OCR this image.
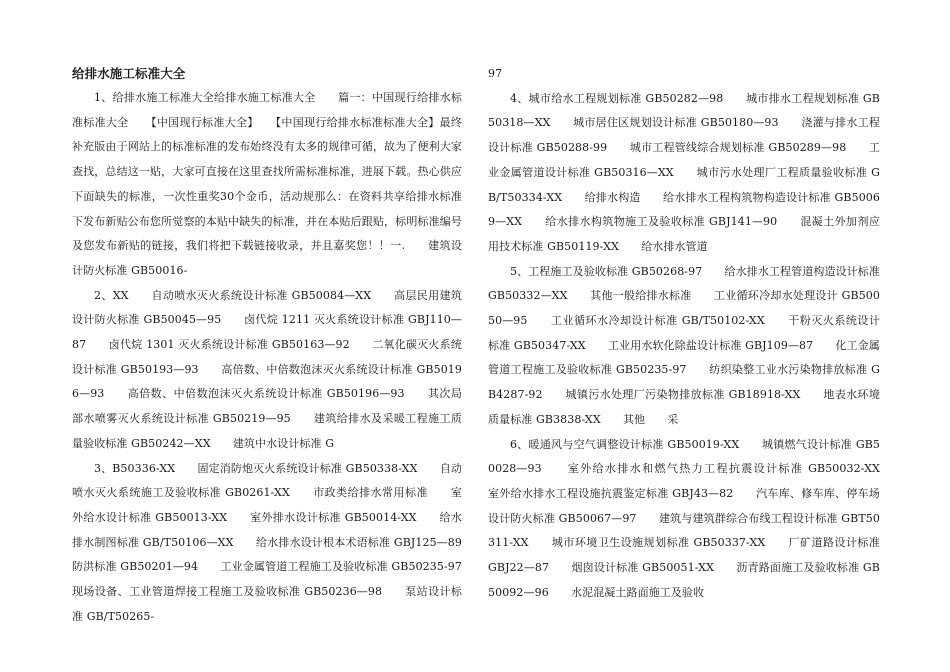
给排水施工标准大全

1、给排水施工标准大全给排水施工标准大全　　篇一：中国现行给排水标准标准大全　　【中国现行标准大全】　　【中国现行给排水标准标准大全】最终补充版由于网站上的标准标准的发布始终没有太多的规律可循，故为了便利大家查找，总结这一贴，大家可直接在这里查找所需标准标准，进展下载。热心供应下面缺失的标准，一次性重奖30个金币，活动规那么：在资料共享给排水标准下发布新贴公布您所觉察的本贴中缺失的标准，并在本贴后跟贴，标明标准编号及您发布新贴的链接，我们将把下载链接收录，并且嘉奖您！！一.　　建筑设计防火标准 GB50016-

2、XX　　自动喷水灭火系统设计标准 GB50084—XX　　高层民用建筑设计防火标准 GB50045—95　　卤代烷 1211 灭火系统设计标准 GBJ110—87　　卤代烷 1301 灭火系统设计标准 GB50163—92　　二氧化碳灭火系统设计标准 GB50193—93　　高倍数、中倍数泡沫灭火系统设计标准 GB50196—93　　高倍数、中倍数泡沫灭火系统设计标准 GB50196—93　　其次局部水喷雾灭火系统设计标准 GB50219—95　　建筑给排水及采暖工程施工质量验收标准 GB50242—XX　　建筑中水设计标准 G

3、B50336-XX　　固定消防炮灭火系统设计标准 GB50338-XX　　自动喷水灭火系统施工及验收标准 GB0261-XX　　市政类给排水常用标准　　室外给水设计标准 GB50013-XX　　室外排水设计标准 GB50014-XX　　给水排水制图标准 GB/T50106—XX　　给水排水设计根本术语标准 GBJ125—89　　防洪标准 GB50201—94　　工业金属管道工程施工及验收标准 GB50235-97　　现场设备、工业管道焊接工程施工及验收标准 GB50236—98　　泵站设计标准 GB/T50265-

97

4、城市给水工程规划标准 GB50282—98　　城市排水工程规划标准 GB50318—XX　　城市居住区规划设计标准 GB50180—93　　浇灌与排水工程设计标准 GB50288-99　　城市工程管线综合规划标准 GB50289—98　　工业金属管道设计标准 GB50316—XX　　城市污水处理厂工程质量验收标准 GB/T50334-XX　　给排水构造　　给水排水工程构筑物构造设计标准 GB50069—XX　　给水排水构筑物施工及验收标准 GBJ141—90　　混凝土外加剂应用技术标准 GB50119-XX　　给水排水管道

5、工程施工及验收标准 GB50268-97　　给水排水工程管道构造设计标准 GB50332—XX　　其他一般给排水标准　　工业循环冷却水处理设计 GB50050—95　　工业循环水冷却设计标准 GB/T50102-XX　　干粉灭火系统设计标准 GB50347-XX　　工业用水软化除盐设计标准 GBJ109—87　　化工金属管道工程施工及验收标准 GB50235-97　　纺织染整工业水污染物排放标准 GB4287-92　　城镇污水处理厂污染物排放标准 GB18918-XX　　地表水环境质量标准 GB3838-XX　　其他　　采

6、暖通风与空气调整设计标准 GB50019-XX　　城镇燃气设计标准 GB50028—93　　室外给水排水和燃气热力工程抗震设计标准 GB50032-XX　　室外给水排水工程设施抗震鉴定标准 GBJ43—82　　汽车库、修车库、停车场设计防火标准 GB50067—97　　建筑与建筑群综合布线工程设计标准 GBT50311-XX　　城市环境卫生设施规划标准 GB50337-XX　　厂矿道路设计标准 GBJ22—87　　烟囱设计标准 GB50051-XX　　沥青路面施工及验收标准 GB50092—96　　水泥混凝土路面施工及验收
